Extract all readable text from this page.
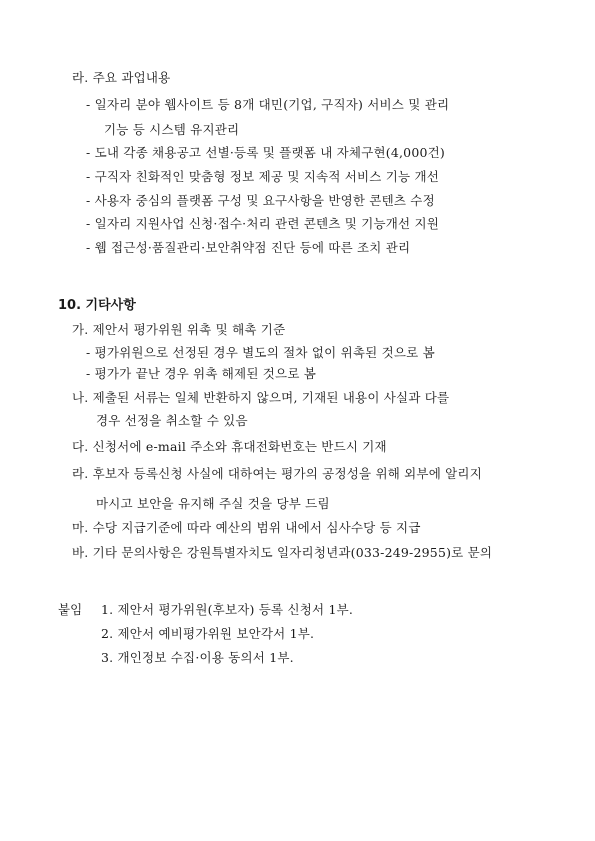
라. 주요 과업내용
- 일자리 분야 웹사이트 등 8개 대민(기업, 구직자) 서비스 및 관리
기능 등 시스템 유지관리
- 도내 각종 채용공고 선별·등록 및 플랫폼 내 자체구현(4,000건)
- 구직자 친화적인 맞춤형 정보 제공 및 지속적 서비스 기능 개선
- 사용자 중심의 플랫폼 구성 및 요구사항을 반영한 콘텐츠 수정
- 일자리 지원사업 신청·접수·처리 관련 콘텐츠 및 기능개선 지원
- 웹 접근성·품질관리·보안취약점 진단 등에 따른 조치 관리
10. 기타사항
가. 제안서 평가위원 위촉 및 해촉 기준
- 평가위원으로 선정된 경우 별도의 절차 없이 위촉된 것으로 봄
- 평가가 끝난 경우 위촉 해제된 것으로 봄
나. 제출된 서류는 일체 반환하지 않으며, 기재된 내용이 사실과 다를
경우 선정을 취소할 수 있음
다. 신청서에 e-mail 주소와 휴대전화번호는 반드시 기재
라. 후보자 등록신청 사실에 대하여는 평가의 공정성을 위해 외부에 알리지
마시고 보안을 유지해 주실 것을 당부 드림
마. 수당 지급기준에 따라 예산의 범위 내에서 심사수당 등 지급
바. 기타 문의사항은 강원특별자치도 일자리청년과(033-249-2955)로 문의
붙임 1. 제안서 평가위원(후보자) 등록 신청서 1부.
2. 제안서 예비평가위원 보안각서 1부.
3. 개인정보 수집·이용 동의서 1부.
